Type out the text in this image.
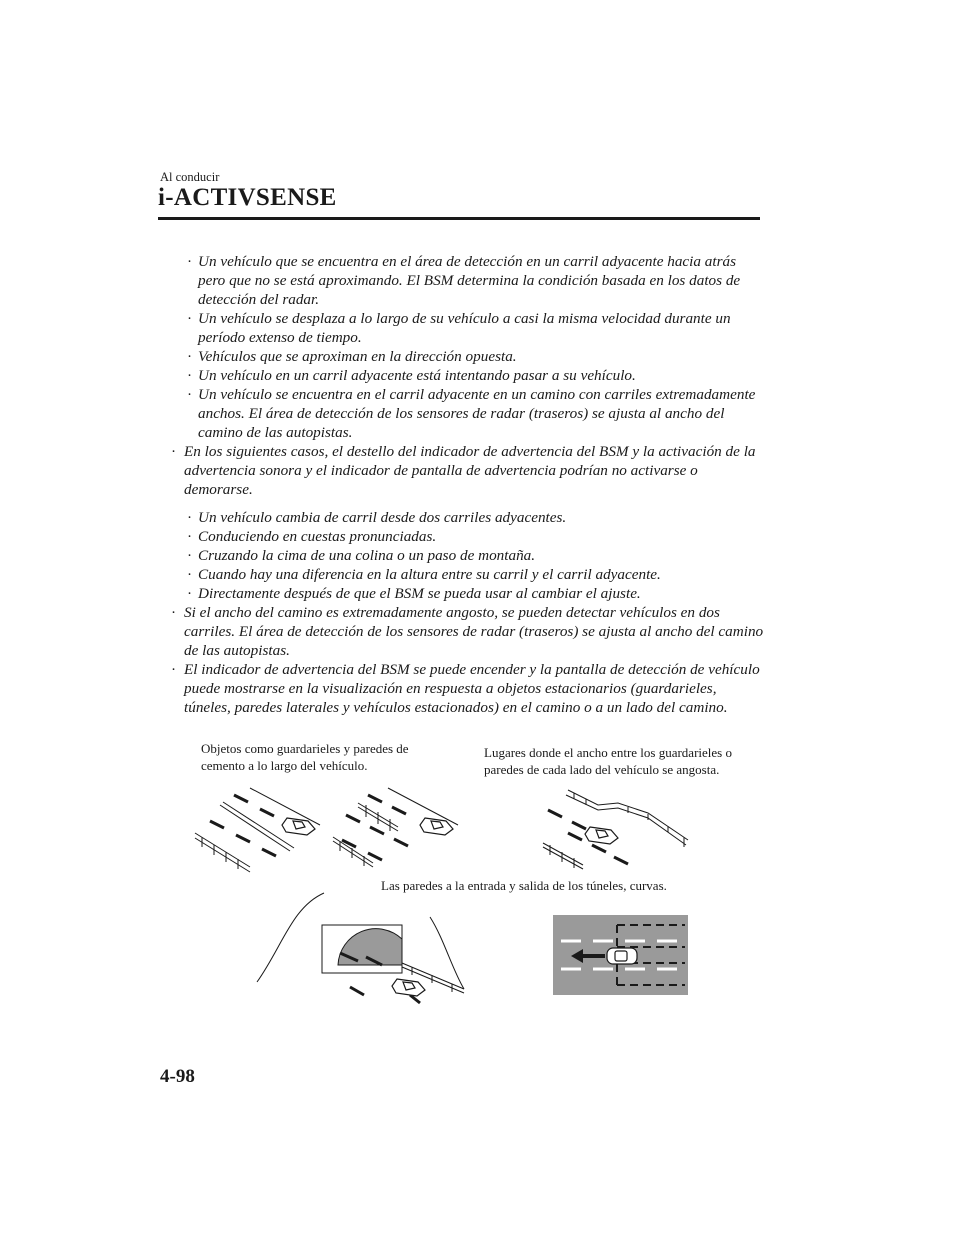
Al conducir
i-ACTIVSENSE
· Un vehículo que se encuentra en el área de detección en un carril adyacente hacia atrás pero que no se está aproximando. El BSM determina la condición basada en los datos de detección del radar.
· Un vehículo se desplaza a lo largo de su vehículo a casi la misma velocidad durante un período extenso de tiempo.
· Vehículos que se aproximan en la dirección opuesta.
· Un vehículo en un carril adyacente está intentando pasar a su vehículo.
· Un vehículo se encuentra en el carril adyacente en un camino con carriles extremadamente anchos. El área de detección de los sensores de radar (traseros) se ajusta al ancho del camino de las autopistas.
· En los siguientes casos, el destello del indicador de advertencia del BSM y la activación de la advertencia sonora y el indicador de pantalla de advertencia podrían no activarse o demorarse.
· Un vehículo cambia de carril desde dos carriles adyacentes.
· Conduciendo en cuestas pronunciadas.
· Cruzando la cima de una colina o un paso de montaña.
· Cuando hay una diferencia en la altura entre su carril y el carril adyacente.
· Directamente después de que el BSM se pueda usar al cambiar el ajuste.
· Si el ancho del camino es extremadamente angosto, se pueden detectar vehículos en dos carriles. El área de detección de los sensores de radar (traseros) se ajusta al ancho del camino de las autopistas.
· El indicador de advertencia del BSM se puede encender y la pantalla de detección de vehículo puede mostrarse en la visualización en respuesta a objetos estacionarios (guardarieles, túneles, paredes laterales y vehículos estacionados) en el camino o a un lado del camino.
Objetos como guardarieles y paredes de cemento a lo largo del vehículo.
Lugares donde el ancho entre los guardarieles o paredes de cada lado del vehículo se angosta.
Las paredes a la entrada y salida de los túneles, curvas.
4-98
